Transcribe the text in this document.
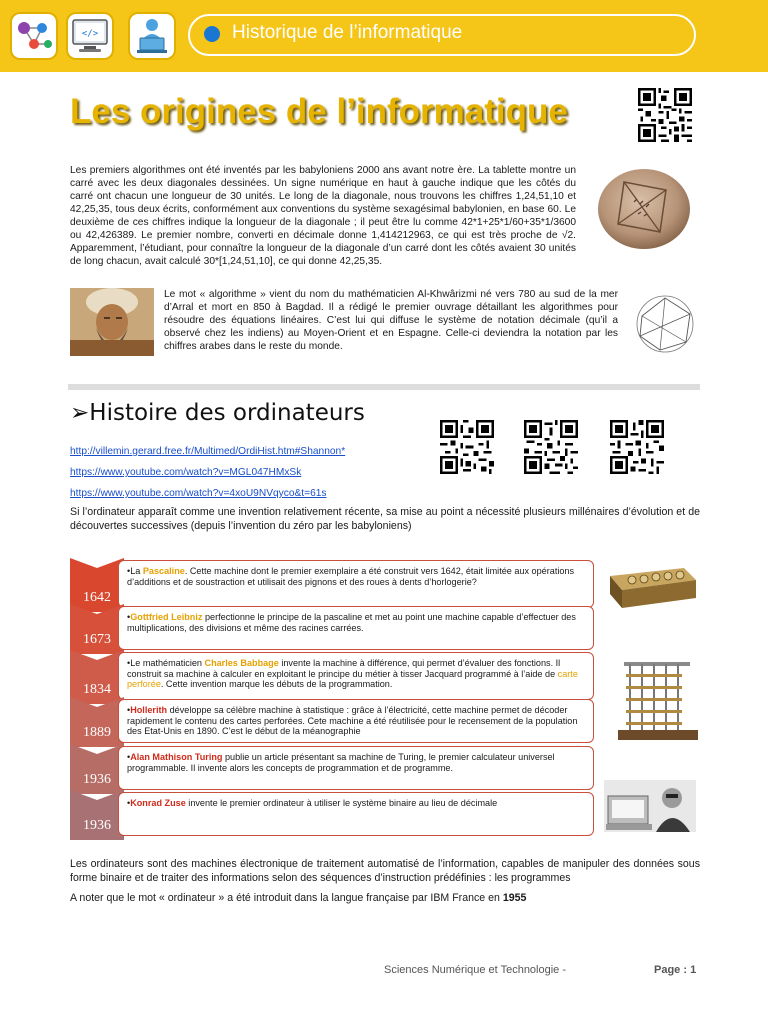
</>	Historique de l’informatique
Les origines de l’informatique
Les premiers algorithmes ont été inventés par les babyloniens 2000 ans avant notre ère. La tablette montre un carré avec les deux diagonales dessinées. Un signe numérique en haut à gauche indique que les côtés du carré ont chacun une longueur de 30 unités. Le long de la diagonale, nous trouvons les chiffres 1,24,51,10 et 42,25,35, tous deux écrits, conformément aux conventions du système sexagésimal babylonien, en base 60. Le deuxième de ces chiffres indique la longueur de la diagonale ; il peut être lu comme 42*1+25*1/60+35*1/3600 ou 42,426389. Le premier nombre, converti en décimale donne 1,414212963, ce qui est très proche de √2. Apparemment, l’étudiant, pour connaître la longueur de la diagonale d’un carré dont les côtés avaient 30 unités de long chacun, avait calculé 30*[1,24,51,10], ce qui donne 42,25,35.
Le mot « algorithme » vient du nom du mathématicien Al-Khwârizmi né vers 780 au sud de la mer d’Arral et mort en 850 à Bagdad. Il a rédigé le premier ouvrage détaillant les algorithmes pour résoudre des équations linéaires. C’est lui qui diffuse le système de notation décimale (qu’il a observé chez les indiens) au Moyen-Orient et en Espagne. Celle-ci deviendra la notation par les chiffres arabes dans le reste du monde.
➢Histoire des ordinateurs
http://villemin.gerard.free.fr/Multimed/OrdiHist.htm#Shannon*
https://www.youtube.com/watch?v=MGL047HMxSk
https://www.youtube.com/watch?v=4xoU9NVqyco&t=61s
Si l’ordinateur apparaît comme une invention relativement récente, sa mise au point a nécessité plusieurs millénaires d’évolution et de découvertes successives (depuis l’invention du zéro par les babyloniens)
1642
•La Pascaline. Cette machine dont le premier exemplaire a été construit vers 1642, était limitée aux opérations d’additions et de soustraction et utilisait des pignons et des roues à dents d’horlogerie?
1673
•Gottfried Leibniz perfectionne le principe de la pascaline et met au point une machine capable d’effectuer des multiplications, des divisions et même des racines carrées.
1834
•Le mathématicien Charles Babbage invente la machine à différence, qui permet d’évaluer des fonctions. Il construit sa machine à calculer en exploitant le principe du métier à tisser Jacquard programmé à l’aide de carte perforée. Cette invention marque les débuts de la programmation.
1889
•Hollerith développe sa célèbre machine à statistique : grâce à l’électricité, cette machine permet de décoder rapidement le contenu des cartes perforées. Cete machine a été réutilisée pour le recensement de la population des Etat-Unis en 1890. C’est le début de la méanographie
1936
•Alan Mathison Turing publie un article présentant sa machine de Turing, le premier calculateur universel programmable. Il invente alors les concepts de programmation et de programme.
1936
•Konrad Zuse invente le premier ordinateur à utiliser le système binaire au lieu de décimale
Les ordinateurs sont des machines électronique de traitement automatisé de l’information, capables de manipuler des données sous forme binaire et de traiter des informations selon des séquences d’instruction prédéfinies : les programmes
A noter que le mot « ordinateur » a été introduit dans la langue française par IBM France en 1955
Sciences Numérique et Technologie -	Page : 1
